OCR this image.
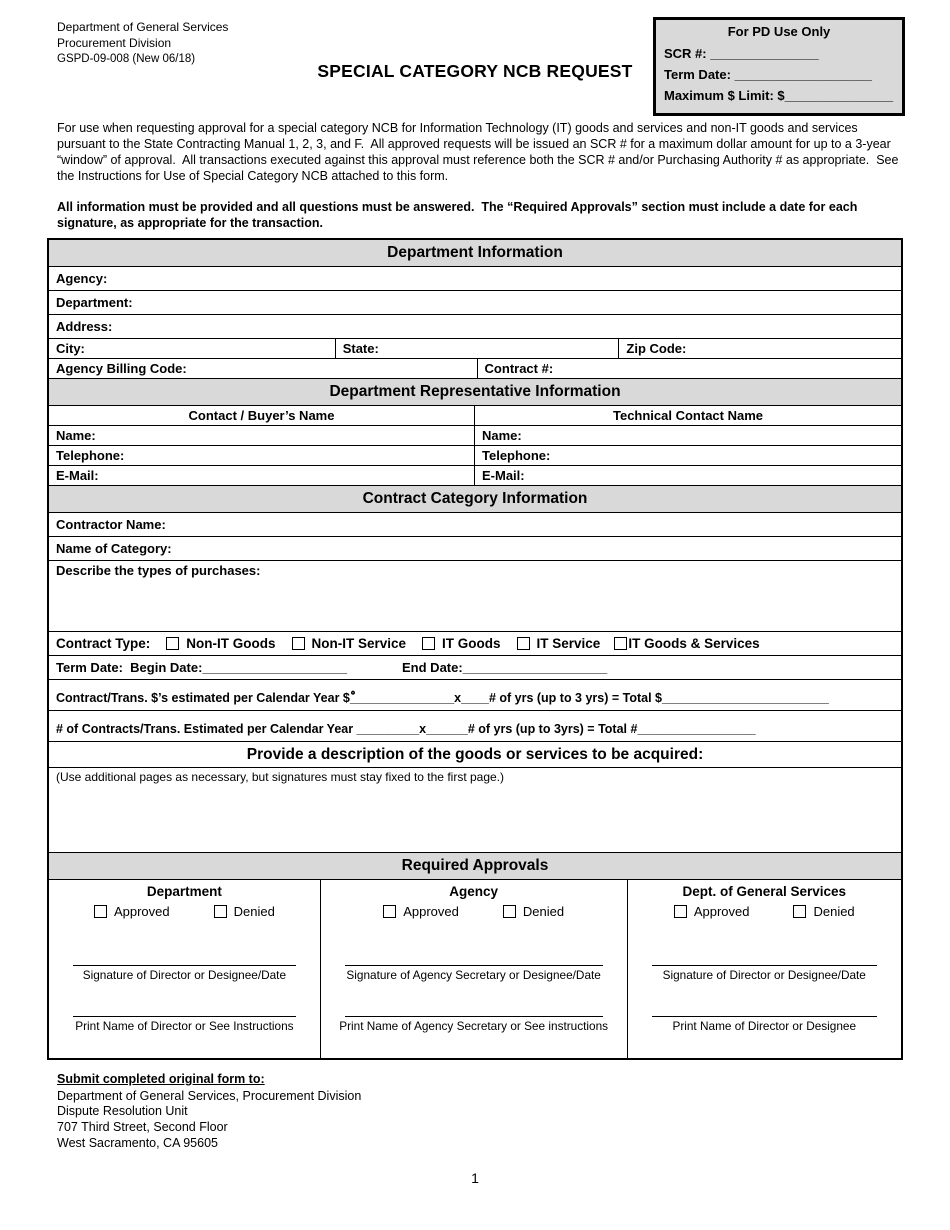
Department of General Services
Procurement Division
GSPD-09-008 (New 06/18)
SPECIAL CATEGORY NCB REQUEST
For PD Use Only
SCR #: _______________
Term Date: ___________________
Maximum $ Limit: $_______________
For use when requesting approval for a special category NCB for Information Technology (IT) goods and services and non-IT goods and services pursuant to the State Contracting Manual 1, 2, 3, and F.  All approved requests will be issued an SCR # for a maximum dollar amount for up to a 3-year “window” of approval.  All transactions executed against this approval must reference both the SCR # and/or Purchasing Authority # as appropriate.  See the Instructions for Use of Special Category NCB attached to this form.
All information must be provided and all questions must be answered.  The “Required Approvals” section must include a date for each signature, as appropriate for the transaction.
Department Information
Agency:
Department:
Address:
City:	State:	Zip Code:
Agency Billing Code:	Contract #:
Department Representative Information
Contact / Buyer’s Name	Technical Contact Name
Name:	Name:
Telephone:	Telephone:
E-Mail:	E-Mail:
Contract Category Information
Contractor Name:
Name of Category:
Describe the types of purchases:
Contract Type:	Non-IT Goods	Non-IT Service	IT Goods	IT Service IT Goods & Services
Term Date:  Begin Date: ____________________	End Date: ____________________
Contract/Trans. $’s estimated per Calendar Year $ ْْ_______________ x ____ # of yrs (up to 3 yrs) = Total $ ________________________
# of Contracts/Trans. Estimated per Calendar Year _________ x ______ # of yrs (up to 3yrs) = Total # _________________
Provide a description of the goods or services to be acquired:
(Use additional pages as necessary, but signatures must stay fixed to the first page.)
Required Approvals
Department
Approved	Denied
Signature of Director or Designee/Date
Print Name of Director or See Instructions
Agency
Approved	Denied
Signature of Agency Secretary or Designee/Date
Print Name of Agency Secretary or See instructions
Dept. of General Services
Approved	Denied
Signature of Director or Designee/Date
Print Name of Director or Designee
Submit completed original form to:
Department of General Services, Procurement Division
Dispute Resolution Unit
707 Third Street, Second Floor
West Sacramento, CA 95605
1
